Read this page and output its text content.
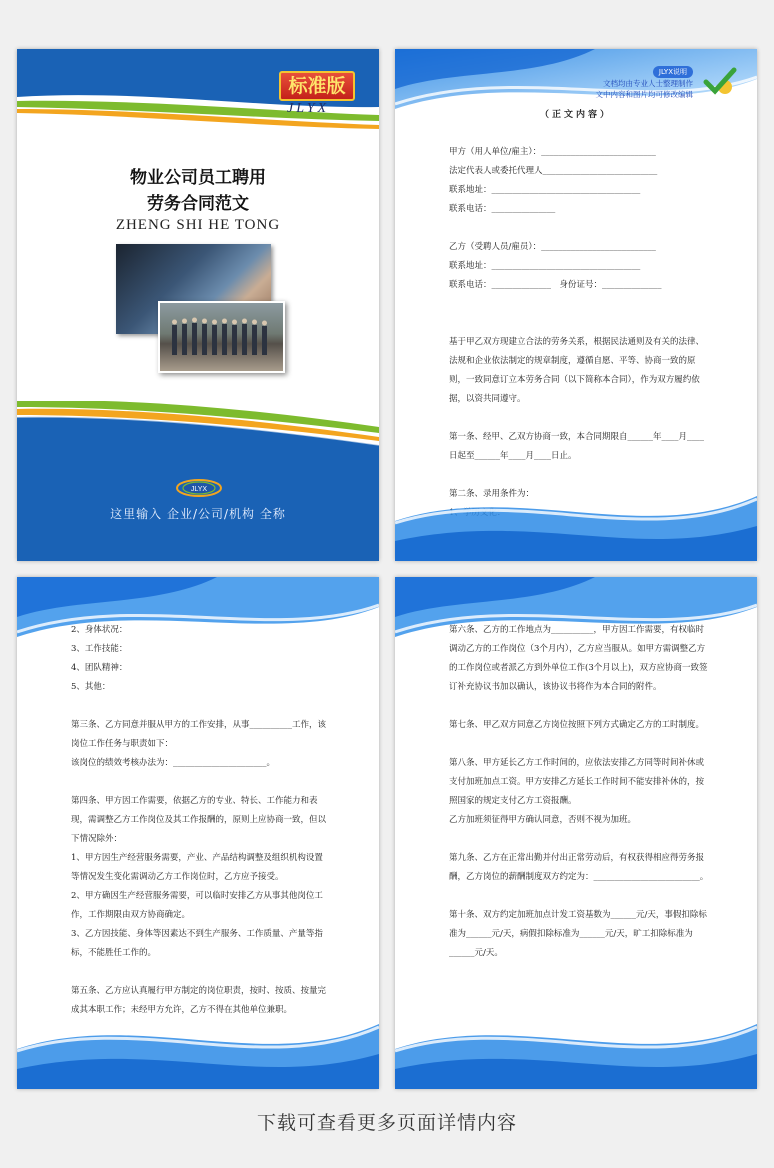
标准版
JLYX
物业公司员工聘用
劳务合同范文
ZHENG SHI HE TONG
JLYX
这里输入 企业/公司/机构 全称
JLYX说明
文档均由专业人士整理制作
文中内容和图片均可修改编辑
（正文内容）

甲方（用人单位/雇主）：___________________________

法定代表人或委托代理人___________________________

联系地址：___________________________________

联系电话：_______________

乙方（受聘人员/雇员）：___________________________

联系地址：___________________________________

联系电话：______________　身份证号：______________

基于甲乙双方现建立合法的劳务关系，根据民法通则及有关的法律、法规和企业依法制定的规章制度，遵循自愿、平等、协商一致的原则，一致同意订立本劳务合同（以下简称本合同），作为双方履约依据，以资共同遵守。

第一条、经甲、乙双方协商一致，本合同期限自______年____月____日起至______年____月____日止。

第二条、录用条件为：

2、身体状况：

3、工作技能：

4、团队精神：

5、其他：

第三条、乙方同意并服从甲方的工作安排，从事__________工作，该岗位工作任务与职责如下：

该岗位的绩效考核办法为：______________________。

第四条、甲方因工作需要，依据乙方的专业、特长、工作能力和表现，需调整乙方工作岗位及其工作报酬的，原则上应协商一致，但以下情况除外：

1、甲方因生产经营服务需要，产业、产品结构调整及组织机构设置等情况发生变化需调动乙方工作岗位时，乙方应予接受。

2、甲方确因生产经营服务需要，可以临时安排乙方从事其他岗位工作，工作期限由双方协商确定。

3、乙方因技能、身体等因素达不到生产服务、工作质量、产量等指标，不能胜任工作的。

第五条、乙方应认真履行甲方制定的岗位职责，按时、按质、按量完成其本职工作；未经甲方允许，乙方不得在其他单位兼职。

第六条、乙方的工作地点为__________，甲方因工作需要，有权临时调动乙方的工作岗位（3个月内），乙方应当服从。如甲方需调整乙方的工作岗位或者派乙方到外单位工作(3个月以上)，双方应协商一致签订补充协议书加以确认，该协议书将作为本合同的附件。

第七条、甲乙双方同意乙方岗位按照下列方式确定乙方的工时制度。

第八条、甲方延长乙方工作时间的，应依法安排乙方同等时间补休或支付加班加点工资。甲方安排乙方延长工作时间不能安排补休的，按照国家的规定支付乙方工资报酬。

乙方加班须征得甲方确认同意，否则不视为加班。

第九条、乙方在正常出勤并付出正常劳动后，有权获得相应得劳务报酬，乙方岗位的薪酬制度双方约定为：_________________________。

第十条、双方约定加班加点计发工资基数为______元/天，事假扣除标准为______元/天，病假扣除标准为______元/天，旷工扣除标准为______元/天。

下载可查看更多页面详情内容
